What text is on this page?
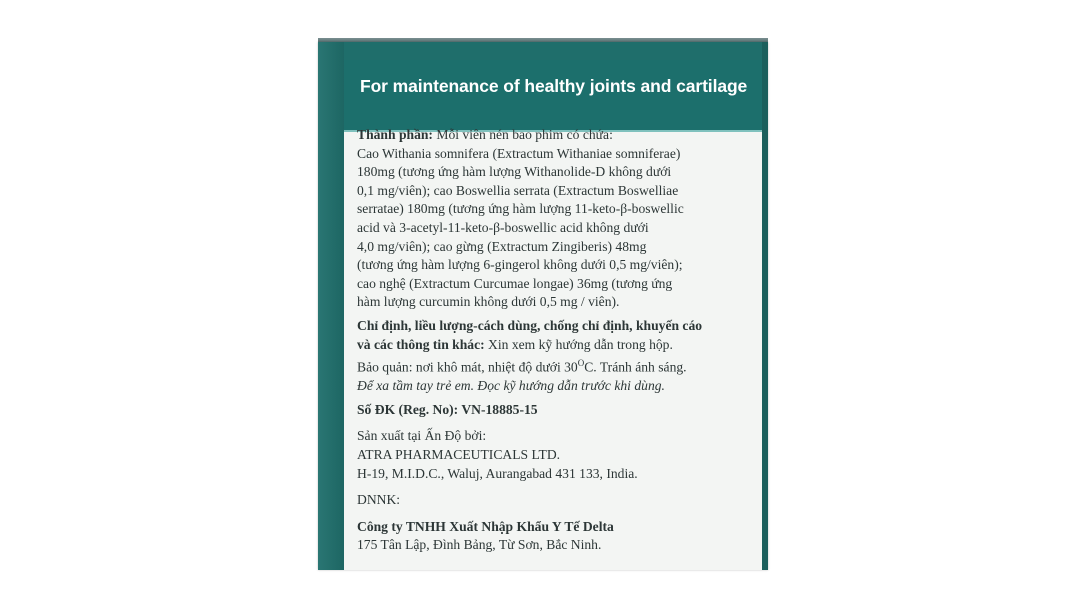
For maintenance of healthy joints and cartilage

Thành phần: Mỗi viên nén bao phim có chứa:

Cao Withania somnifera (Extractum Withaniae somniferae)

180mg (tương ứng hàm lượng Withanolide-D không dưới

0,1 mg/viên); cao Boswellia serrata (Extractum Boswelliae

serratae) 180mg (tương ứng hàm lượng 11-keto-β-boswellic

acid và 3-acetyl-11-keto-β-boswellic acid không dưới

4,0 mg/viên); cao gừng (Extractum Zingiberis) 48mg

(tương ứng hàm lượng 6-gingerol không dưới 0,5 mg/viên);

cao nghệ (Extractum Curcumae longae) 36mg (tương ứng

hàm lượng curcumin không dưới 0,5 mg / viên).

Chỉ định, liều lượng-cách dùng, chống chỉ định, khuyến cáo

và các thông tin khác: Xin xem kỹ hướng dẫn trong hộp.

Bảo quản: nơi khô mát, nhiệt độ dưới $30^OC$. Tránh ánh sáng.

Để xa tầm tay trẻ em. Đọc kỹ hướng dẫn trước khi dùng.

Số ĐK (Reg. No): VN-18885-15

Sản xuất tại Ấn Độ bởi:

ATRA PHARMACEUTICALS LTD.

H-19, M.I.D.C., Waluj, Aurangabad 431 133, India.

DNNK:

Công ty TNHH Xuất Nhập Khẩu Y Tế Delta

175 Tân Lập, Đình Bảng, Từ Sơn, Bắc Ninh.
